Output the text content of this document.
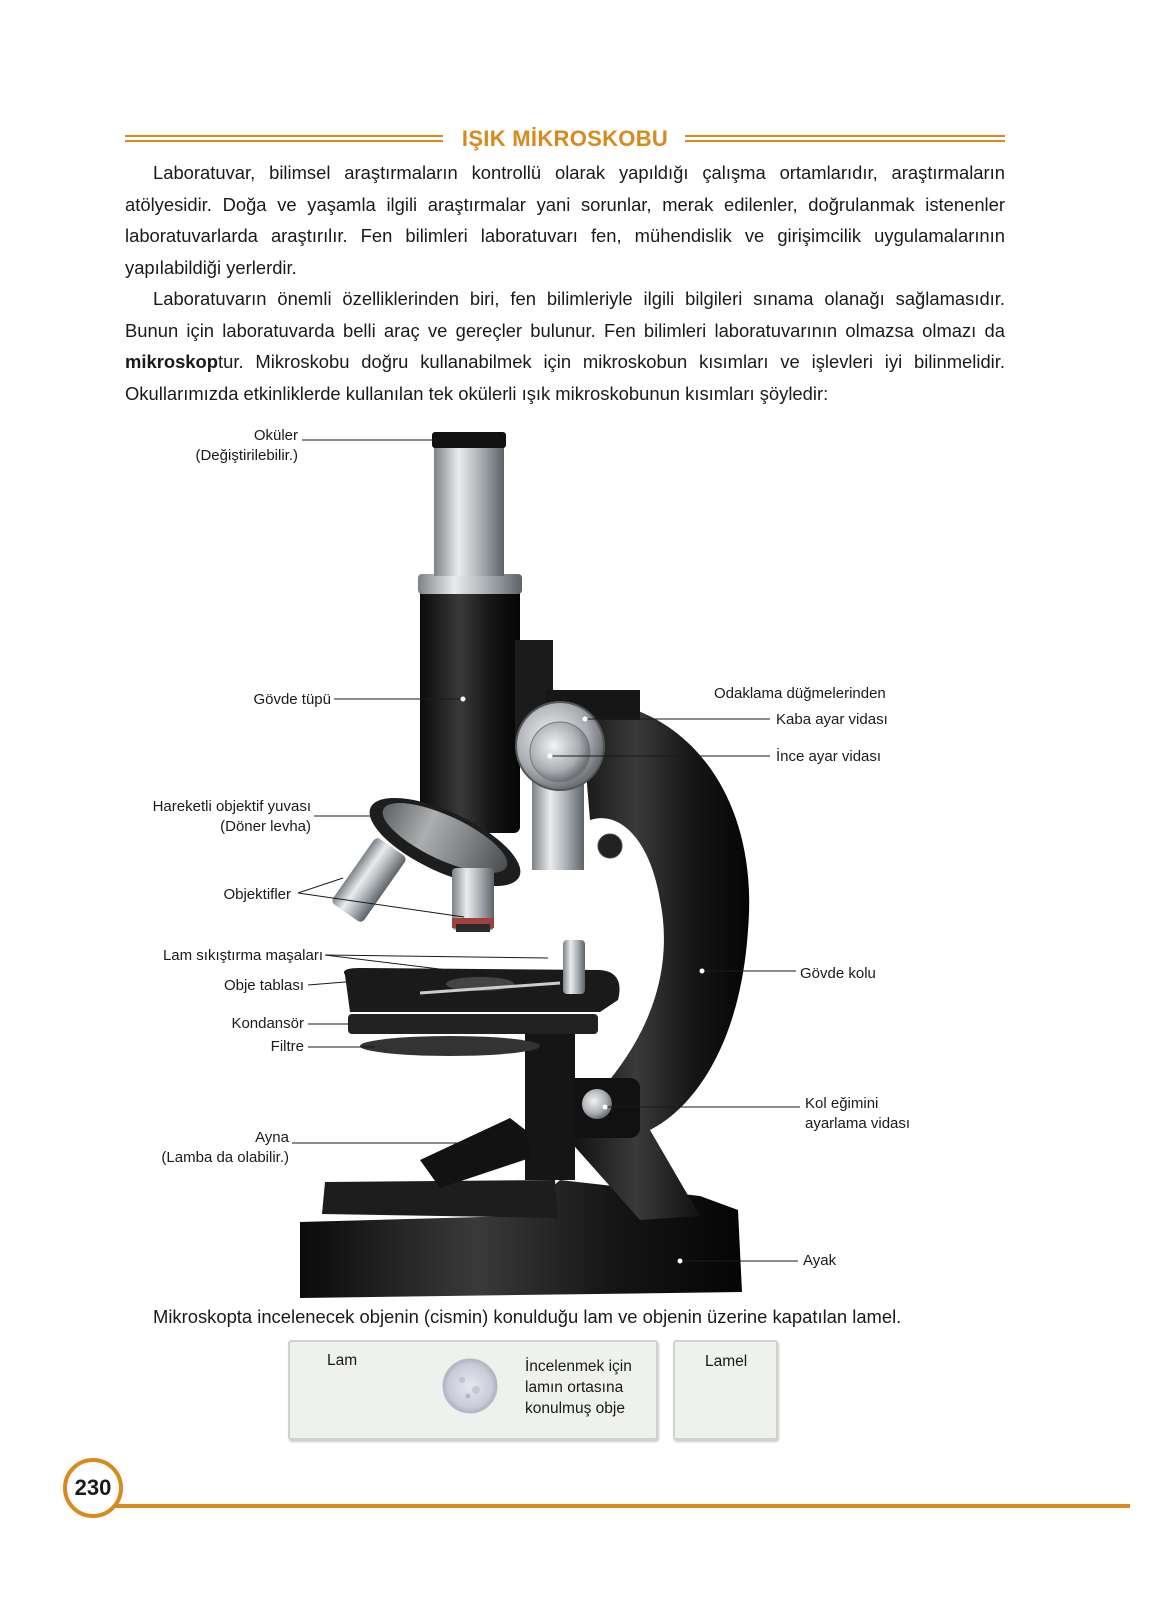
IŞIK MİKROSKOBU

Laboratuvar, bilimsel araştırmaların kontrollü olarak yapıldığı çalışma ortamlarıdır, araştırmaların atölyesidir. Doğa ve yaşamla ilgili araştırmalar yani sorunlar, merak edilenler, doğrulanmak istenenler laboratuvarlarda araştırılır. Fen bilimleri laboratuvarı fen, mühendislik ve girişimcilik uygulamalarının yapılabildiği yerlerdir.

Laboratuvarın önemli özelliklerinden biri, fen bilimleriyle ilgili bilgileri sınama olanağı sağlamasıdır. Bunun için laboratuvarda belli araç ve gereçler bulunur. Fen bilimleri laboratuvarının olmazsa olmazı da mikroskoptur. Mikroskobu doğru kullanabilmek için mikroskobun kısımları ve işlevleri iyi bilinmelidir. Okullarımızda etkinliklerde kullanılan tek okülerli ışık mikroskobunun kısımları şöyledir:

Oküler
(Değiştirilebilir.)
Gövde tüpü	Odaklama düğmelerinden
Kaba ayar vidası
İnce ayar vidası
Hareketli objektif yuvası
(Döner levha)
Objektifler
Lam sıkıştırma maşaları
Obje tablası
Kondansör
Filtre
Gövde kolu
Kol eğimini
ayarlama vidası
Ayna
(Lamba da olabilir.)
Ayak
Mikroskopta incelenecek objenin (cismin) konulduğu lam ve objenin üzerine kapatılan lamel.
Lam	İncelenmek için
lamın ortasına
konulmuş obje
Lamel
230
